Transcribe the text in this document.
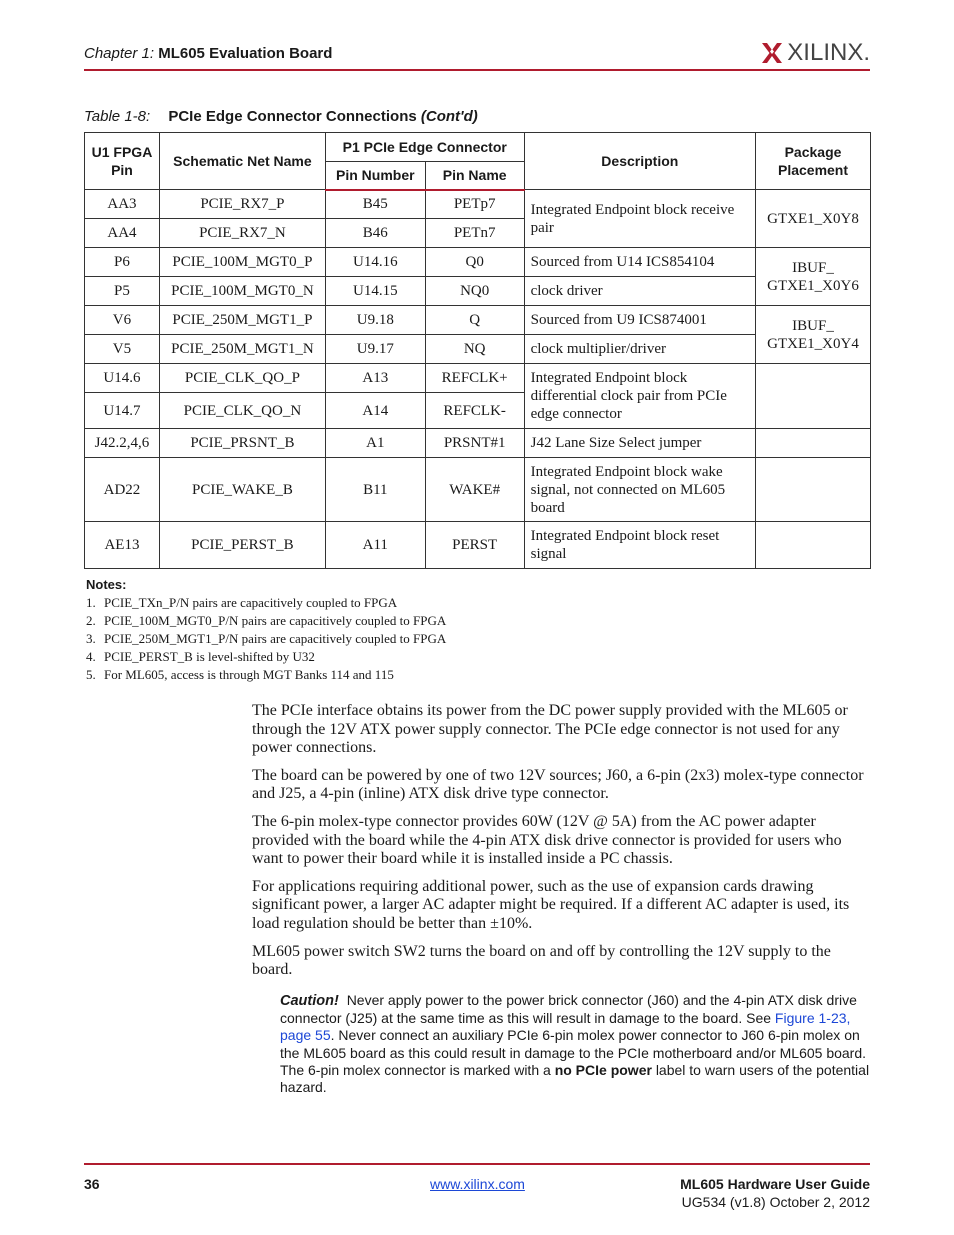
Chapter 1: ML605 Evaluation Board	XILINX.
Table 1-8: PCIe Edge Connector Connections (Cont'd)
U1 FPGA Pin	Schematic Net Name	P1 PCIe Edge Connector		Description	Package Placement
		Pin Number	Pin Name		
AA3	PCIE_RX7_P	B45	PETp7	Integrated Endpoint block receive pair	GTXE1_X0Y8
AA4	PCIE_RX7_N	B46	PETn7		
P6	PCIE_100M_MGT0_P	U14.16	Q0	Sourced from U14 ICS854104	IBUF_
GTXE1_X0Y6

P5	PCIE_100M_MGT0_N	U14.15	NQ0	clock driver	
V6	PCIE_250M_MGT1_P	U9.18	Q	Sourced from U9 ICS874001	IBUF_
GTXE1_X0Y4

V5	PCIE_250M_MGT1_N	U9.17	NQ	clock multiplier/driver	
U14.6	PCIE_CLK_QO_P	A13	REFCLK+	Integrated Endpoint block differential clock pair from PCIe edge connector	
U14.7	PCIE_CLK_QO_N	A14	REFCLK-		
J42.2,4,6	PCIE_PRSNT_B	A1	PRSNT#1	J42 Lane Size Select jumper	
AD22	PCIE_WAKE_B	B11	WAKE#	Integrated Endpoint block wake signal, not connected on ML605 board	
AE13	PCIE_PERST_B	A11	PERST	Integrated Endpoint block reset signal	
Notes:
1. PCIE_TXn_P/N pairs are capacitively coupled to FPGA
2. PCIE_100M_MGT0_P/N pairs are capacitively coupled to FPGA
3. PCIE_250M_MGT1_P/N pairs are capacitively coupled to FPGA
4. PCIE_PERST_B is level-shifted by U32
5. For ML605, access is through MGT Banks 114 and 115

The PCIe interface obtains its power from the DC power supply provided with the ML605 or through the 12V ATX power supply connector. The PCIe edge connector is not used for any power connections.

The board can be powered by one of two 12V sources; J60, a 6-pin (2x3) molex-type connector and J25, a 4-pin (inline) ATX disk drive type connector.

The 6-pin molex-type connector provides 60W (12V @ 5A) from the AC power adapter provided with the board while the 4-pin ATX disk drive connector is provided for users who want to power their board while it is installed inside a PC chassis.

For applications requiring additional power, such as the use of expansion cards drawing significant power, a larger AC adapter might be required. If a different AC adapter is used, its load regulation should be better than ±10%.

ML605 power switch SW2 turns the board on and off by controlling the 12V supply to the board.

Caution! Never apply power to the power brick connector (J60) and the 4-pin ATX disk drive connector (J25) at the same time as this will result in damage to the board. See Figure 1-23, page 55. Never connect an auxiliary PCIe 6-pin molex power connector to J60 6-pin molex on the ML605 board as this could result in damage to the PCIe motherboard and/or ML605 board. The 6-pin molex connector is marked with a no PCIe power label to warn users of the potential hazard.
36	www.xilinx.com	ML605 Hardware User Guide
UG534 (v1.8) October 2, 2012
